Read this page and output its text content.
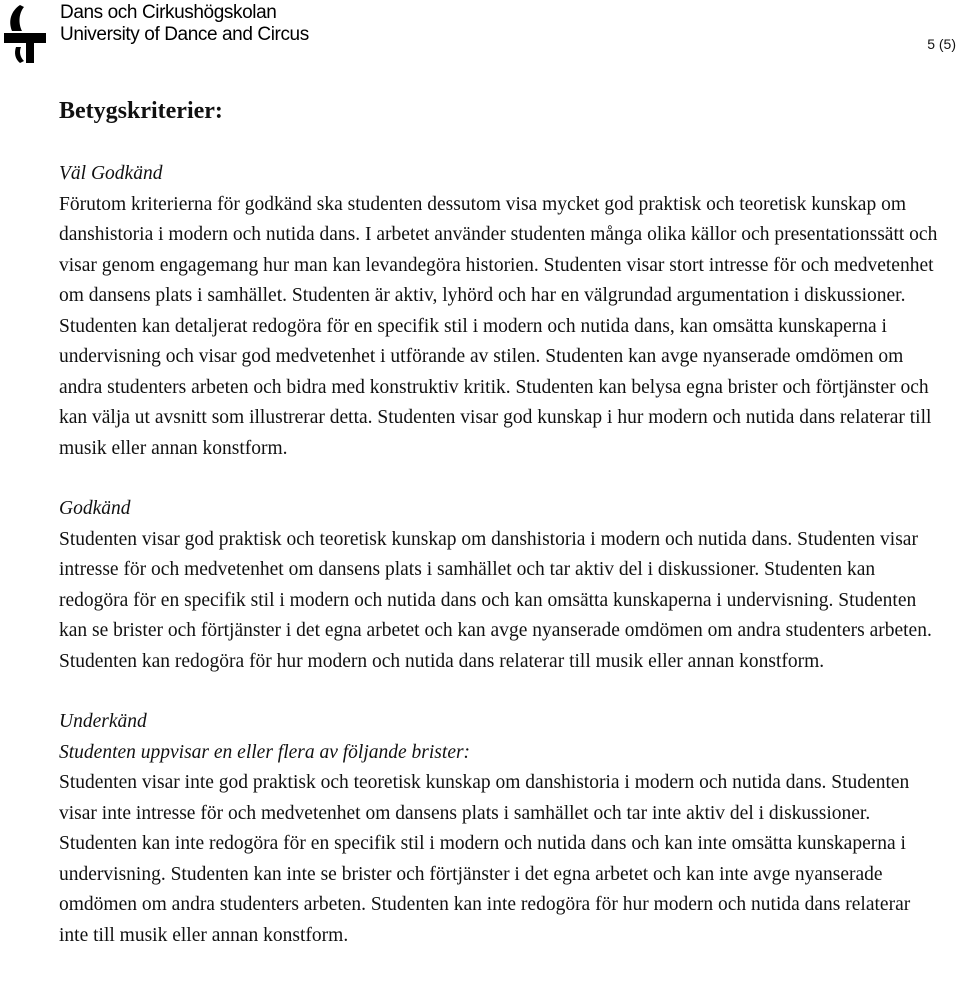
Dans och Cirkushögskolan
University of Dance and Circus	5 (5)
Betygskriterier:
Väl Godkänd

Förutom kriterierna för godkänd ska studenten dessutom visa mycket god praktisk och teoretisk kunskap om danshistoria i modern och nutida dans. I arbetet använder studenten många olika källor och presentationssätt och visar genom engagemang hur man kan levandegöra historien. Studenten visar stort intresse för och medvetenhet om dansens plats i samhället. Studenten är aktiv, lyhörd och har en välgrundad argumentation i diskussioner. Studenten kan detaljerat redogöra för en specifik stil i modern och nutida dans, kan omsätta kunskaperna i undervisning och visar god medvetenhet i utförande av stilen. Studenten kan avge nyanserade omdömen om andra studenters arbeten och bidra med konstruktiv kritik. Studenten kan belysa egna brister och förtjänster och kan välja ut avsnitt som illustrerar detta. Studenten visar god kunskap i hur modern och nutida dans relaterar till musik eller annan konstform.

Godkänd

Studenten visar god praktisk och teoretisk kunskap om danshistoria i modern och nutida dans. Studenten visar intresse för och medvetenhet om dansens plats i samhället och tar aktiv del i diskussioner. Studenten kan redogöra för en specifik stil i modern och nutida dans och kan omsätta kunskaperna i undervisning. Studenten kan se brister och förtjänster i det egna arbetet och kan avge nyanserade omdömen om andra studenters arbeten. Studenten kan redogöra för hur modern och nutida dans relaterar till musik eller annan konstform.

Underkänd
Studenten uppvisar en eller flera av följande brister:

Studenten visar inte god praktisk och teoretisk kunskap om danshistoria i modern och nutida dans. Studenten visar inte intresse för och medvetenhet om dansens plats i samhället och tar inte aktiv del i diskussioner. Studenten kan inte redogöra för en specifik stil i modern och nutida dans och kan inte omsätta kunskaperna i undervisning. Studenten kan inte se brister och förtjänster i det egna arbetet och kan inte avge nyanserade omdömen om andra studenters arbeten. Studenten kan inte redogöra för hur modern och nutida dans relaterar inte till musik eller annan konstform.
